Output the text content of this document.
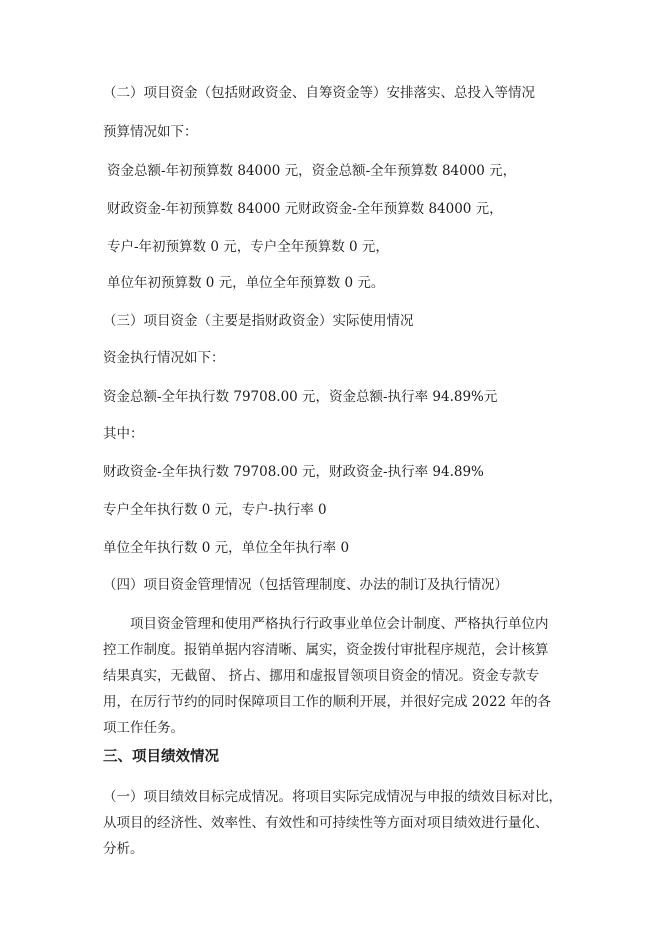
（二）项目资金（包括财政资金、自筹资金等）安排落实、总投入等情况
预算情况如下：
资金总额-年初预算数 84000 元，资金总额-全年预算数 84000 元，
财政资金-年初预算数 84000 元财政资金-全年预算数 84000 元，
专户-年初预算数 0 元，专户全年预算数 0 元，
单位年初预算数 0 元，单位全年预算数 0 元。
（三）项目资金（主要是指财政资金）实际使用情况
资金执行情况如下：
资金总额-全年执行数 79708.00 元，资金总额-执行率 94.89%元
其中：
财政资金-全年执行数 79708.00 元，财政资金-执行率 94.89%
专户全年执行数 0 元，专户-执行率 0
单位全年执行数 0 元，单位全年执行率 0
（四）项目资金管理情况（包括管理制度、办法的制订及执行情况）
项目资金管理和使用严格执行行政事业单位会计制度、严格执行单位内
控工作制度。报销单据内容清晰、属实，资金拨付审批程序规范，会计核算
结果真实，无截留、 挤占、挪用和虚报冒领项目资金的情况。资金专款专
用，在厉行节约的同时保障项目工作的顺利开展，并很好完成 2022 年的各
项工作任务。
三、项目绩效情况
（一）项目绩效目标完成情况。将项目实际完成情况与申报的绩效目标对比，
从项目的经济性、效率性、有效性和可持续性等方面对项目绩效进行量化、
分析。
